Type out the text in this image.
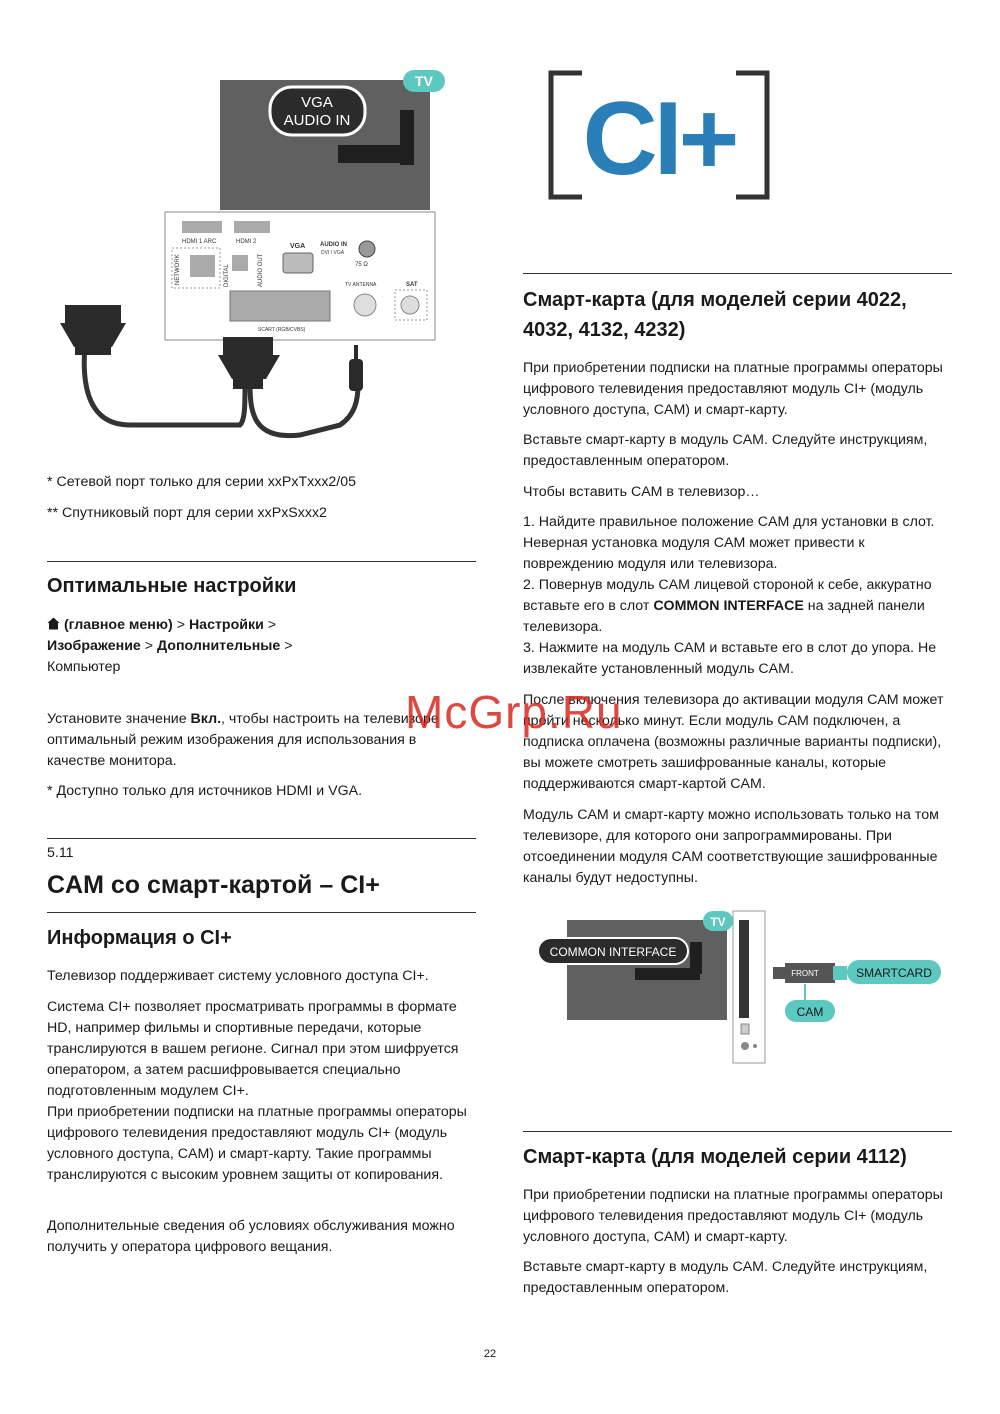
VGA
AUDIO IN
TV
HDMI 1 ARC	HDMI 2
NETWORK	DIGITAL	AUDIO OUT
VGA AUDIO IN
DVI / VGA
75 Ω
TV ANTENNA	SAT
SCART (RGB/CVBS)

* Сетевой порт только для серии xxPxTxxx2/05

** Спутниковый порт для серии xxPxSxxx2

Оптимальные настройки
(главное меню) > Настройки > Изображение > Дополнительные > Компьютер

Установите значение Вкл., чтобы настроить на телевизоре оптимальный режим изображения для использования в качестве монитора.

* Доступно только для источников HDMI и VGA.

5.11

CAM со смарт-картой – CI+
Информация о CI+

Телевизор поддерживает систему условного доступа CI+.

Система CI+ позволяет просматривать программы в формате HD, например фильмы и спортивные передачи, которые транслируются в вашем регионе. Сигнал при этом шифруется оператором, а затем расшифровывается специально подготовленным модулем CI+.

При приобретении подписки на платные программы операторы цифрового телевидения предоставляют модуль CI+ (модуль условного доступа, CAM) и смарт-карту. Такие программы транслируются с высоким уровнем защиты от копирования.

Дополнительные сведения об условиях обслуживания можно получить у оператора цифрового вещания.

CI+
Смарт-карта (для моделей серии 4022, 4032, 4132, 4232)

При приобретении подписки на платные программы операторы цифрового телевидения предоставляют модуль CI+ (модуль условного доступа, CAM) и смарт-карту.

Вставьте смарт-карту в модуль CAM. Следуйте инструкциям, предоставленным оператором.

Чтобы вставить CAM в телевизор…

1. Найдите правильное положение CAM для установки в слот. Неверная установка модуля CAM может привести к повреждению модуля или телевизора.

2. Повернув модуль CAM лицевой стороной к себе, аккуратно вставьте его в слот COMMON INTERFACE на задней панели телевизора.

3. Нажмите на модуль CAM и вставьте его в слот до упора. Не извлекайте установленный модуль CAM.

После включения телевизора до активации модуля CAM может пройти несколько минут. Если модуль CAM подключен, а подписка оплачена (возможны различные варианты подписки), вы можете смотреть зашифрованные каналы, которые поддерживаются смарт-картой CAM.

Модуль CAM и смарт-карту можно использовать только на том телевизоре, для которого они запрограммированы. При отсоединении модуля CAM соответствующие зашифрованные каналы будут недоступны.

TV
COMMON INTERFACE
FRONT	SMARTCARD
CAM
Смарт-карта (для моделей серии 4112)

При приобретении подписки на платные программы операторы цифрового телевидения предоставляют модуль CI+ (модуль условного доступа, CAM) и смарт-карту.

Вставьте смарт-карту в модуль CAM. Следуйте инструкциям, предоставленным оператором.

McGrp.Ru
22
